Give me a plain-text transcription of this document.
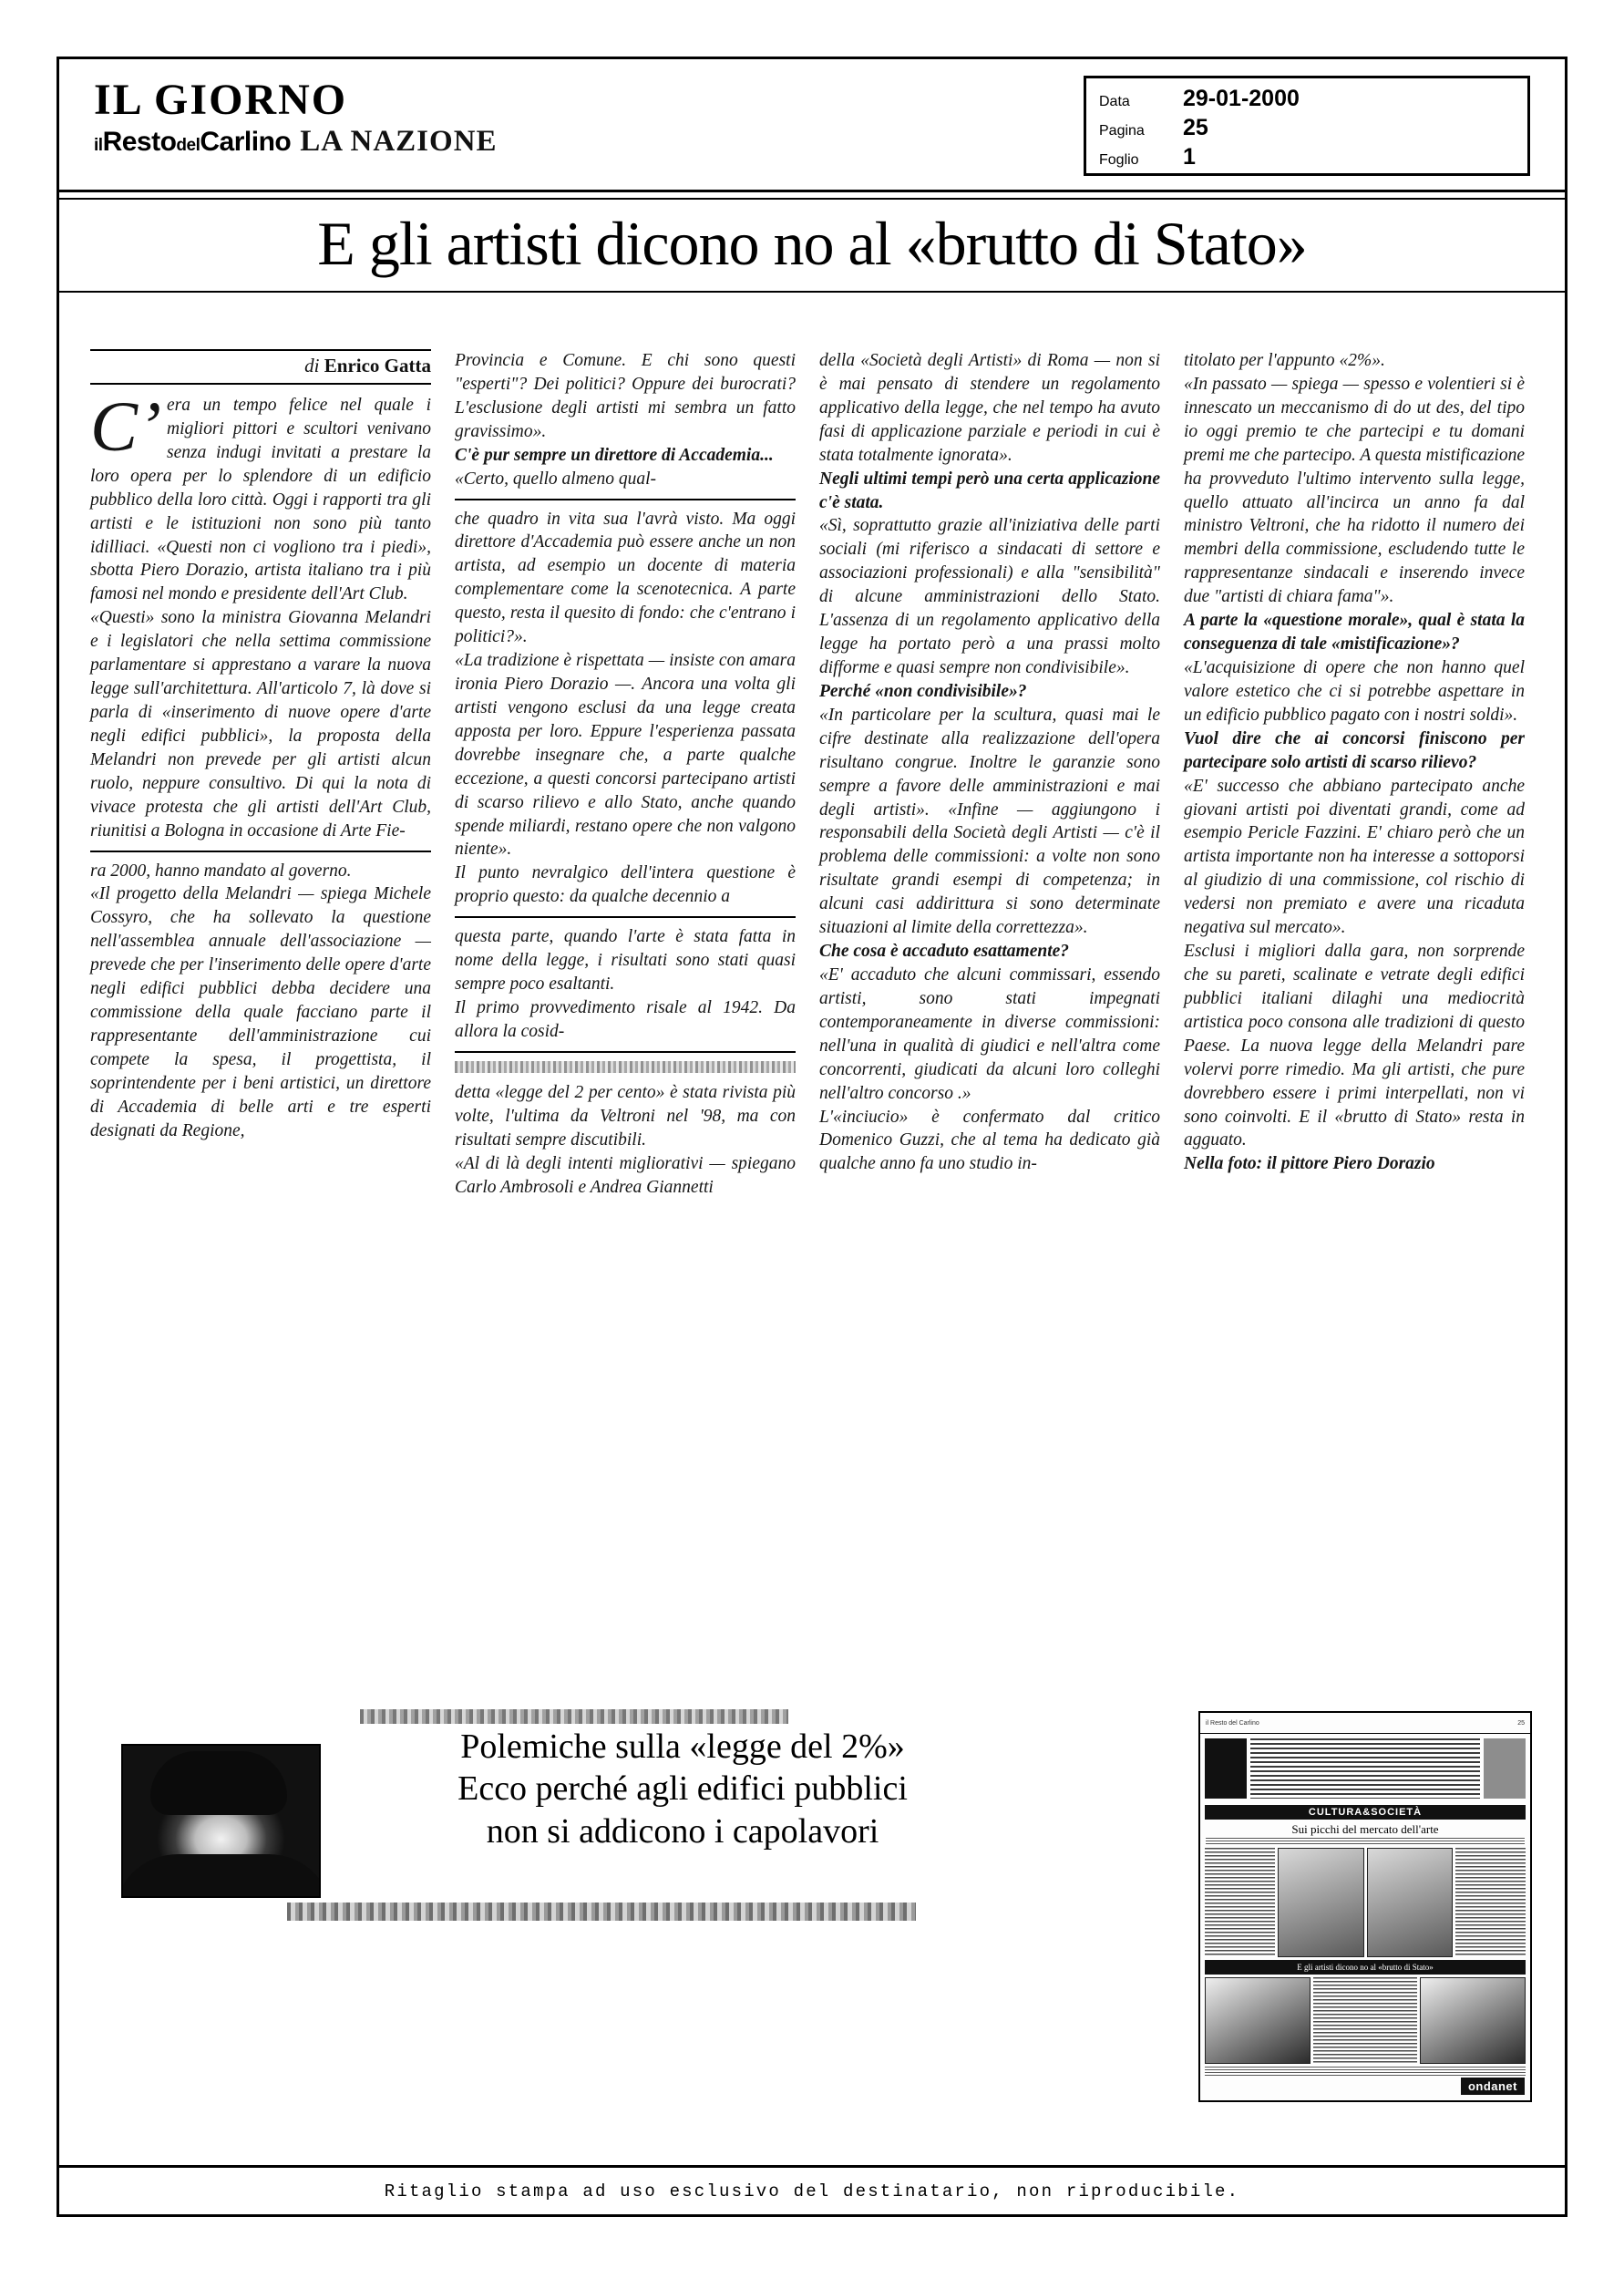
IL GIORNO
ilRestodelCarlino LA NAZIONE
Data	29-01-2000
Pagina	25
Foglio	1
E gli artisti dicono no al «brutto di Stato»
di Enrico Gatta
C’ era un tempo felice nel quale i migliori pittori e scultori venivano senza indugi invitati a prestare la loro opera per lo splendore di un edificio pubblico della loro città. Oggi i rapporti tra gli artisti e le istituzioni non sono più tanto idilliaci. «Questi non ci vogliono tra i piedi», sbotta Piero Dorazio, artista italiano tra i più famosi nel mondo e presidente dell'Art Club.
«Questi» sono la ministra Giovanna Melandri e i legislatori che nella settima commissione parlamentare si apprestano a varare la nuova legge sull'architettura. All'articolo 7, là dove si parla di «inserimento di nuove opere d'arte negli edifici pubblici», la proposta della Melandri non prevede per gli artisti alcun ruolo, neppure consultivo. Di qui la nota di vivace protesta che gli artisti dell'Art Club, riunitisi a Bologna in occasione di Arte Fie-
ra 2000, hanno mandato al governo.
«Il progetto della Melandri — spiega Michele Cossyro, che ha sollevato la questione nell'assemblea annuale dell'associazione — prevede che per l'inserimento delle opere d'arte negli edifici pubblici debba decidere una commissione della quale facciano parte il rappresentante dell'amministrazione cui compete la spesa, il progettista, il soprintendente per i beni artistici, un direttore di Accademia di belle arti e tre esperti designati da Regione,
Provincia e Comune. E chi sono questi "esperti"? Dei politici? Oppure dei burocrati? L'esclusione degli artisti mi sembra un fatto gravissimo».
C'è pur sempre un direttore di Accademia...
«Certo, quello almeno qual-
che quadro in vita sua l'avrà visto. Ma oggi direttore d'Accademia può essere anche un non artista, ad esempio un docente di materia complementare come la scenotecnica. A parte questo, resta il quesito di fondo: che c'entrano i politici?».
«La tradizione è rispettata — insiste con amara ironia Piero Dorazio —. Ancora una volta gli artisti vengono esclusi da una legge creata apposta per loro. Eppure l'esperienza passata dovrebbe insegnare che, a parte qualche eccezione, a questi concorsi partecipano artisti di scarso rilievo e allo Stato, anche quando spende miliardi, restano opere che non valgono niente».
Il punto nevralgico dell'intera questione è proprio questo: da qualche decennio a
questa parte, quando l'arte è stata fatta in nome della legge, i risultati sono stati quasi sempre poco esaltanti.
Il primo provvedimento risale al 1942. Da allora la cosid-
detta «legge del 2 per cento» è stata rivista più volte, l'ultima da Veltroni nel '98, ma con risultati sempre discutibili.
«Al di là degli intenti migliorativi — spiegano Carlo Ambrosoli e Andrea Giannetti
della «Società degli Artisti» di Roma — non si è mai pensato di stendere un regolamento applicativo della legge, che nel tempo ha avuto fasi di applicazione parziale e periodi in cui è stata totalmente ignorata».
Negli ultimi tempi però una certa applicazione c'è stata.
«Sì, soprattutto grazie all'iniziativa delle parti sociali (mi riferisco a sindacati di settore e associazioni professionali) e alla "sensibilità" di alcune amministrazioni dello Stato. L'assenza di un regolamento applicativo della legge ha portato però a una prassi molto difforme e quasi sempre non condivisibile».
Perché «non condivisibile»?
«In particolare per la scultura, quasi mai le cifre destinate alla realizzazione dell'opera risultano congrue. Inoltre le garanzie sono sempre a favore delle amministrazioni e mai degli artisti». «Infine — aggiungono i responsabili della Società degli Artisti — c'è il problema delle commissioni: a volte non sono risultate grandi esempi di competenza; in alcuni casi addirittura si sono determinate situazioni al limite della correttezza».
Che cosa è accaduto esattamente?
«E' accaduto che alcuni commissari, essendo artisti, sono stati impegnati contemporaneamente in diverse commissioni: nell'una in qualità di giudici e nell'altra come concorrenti, giudicati da alcuni loro colleghi nell'altro concorso .»
L'«inciucio» è confermato dal critico Domenico Guzzi, che al tema ha dedicato già qualche anno fa uno studio in-
titolato per l'appunto «2%».
«In passato — spiega — spesso e volentieri si è innescato un meccanismo di do ut des, del tipo io oggi premio te che partecipi e tu domani premi me che partecipo. A questa mistificazione ha provveduto l'ultimo intervento sulla legge, quello attuato all'incirca un anno fa dal ministro Veltroni, che ha ridotto il numero dei membri della commissione, escludendo tutte le rappresentanze sindacali e inserendo invece due "artisti di chiara fama"».
A parte la «questione morale», qual è stata la conseguenza di tale «mistificazione»?
«L'acquisizione di opere che non hanno quel valore estetico che ci si potrebbe aspettare in un edificio pubblico pagato con i nostri soldi».
Vuol dire che ai concorsi finiscono per partecipare solo artisti di scarso rilievo?
«E' successo che abbiano partecipato anche giovani artisti poi diventati grandi, come ad esempio Pericle Fazzini. E' chiaro però che un artista importante non ha interesse a sottoporsi al giudizio di una commissione, col rischio di vedersi non premiato e avere una ricaduta negativa sul mercato».
Esclusi i migliori dalla gara, non sorprende che su pareti, scalinate e vetrate degli edifici pubblici italiani dilaghi una mediocrità artistica poco consona alle tradizioni di questo Paese. La nuova legge della Melandri pare volervi porre rimedio. Ma gli artisti, che pure dovrebbero essere i primi interpellati, non vi sono coinvolti. E il «brutto di Stato» resta in agguato.
Nella foto: il pittore Piero Dorazio
Polemiche sulla «legge del 2%»
Ecco perché agli edifici pubblici
non si addicono i capolavori
il Resto del Carlino	25
CULTURA&SOCIETÀ
Sui picchi del mercato dell'arte
E gli artisti dicono no al «brutto di Stato»
ondanet
Ritaglio stampa ad uso esclusivo del destinatario, non riproducibile.
